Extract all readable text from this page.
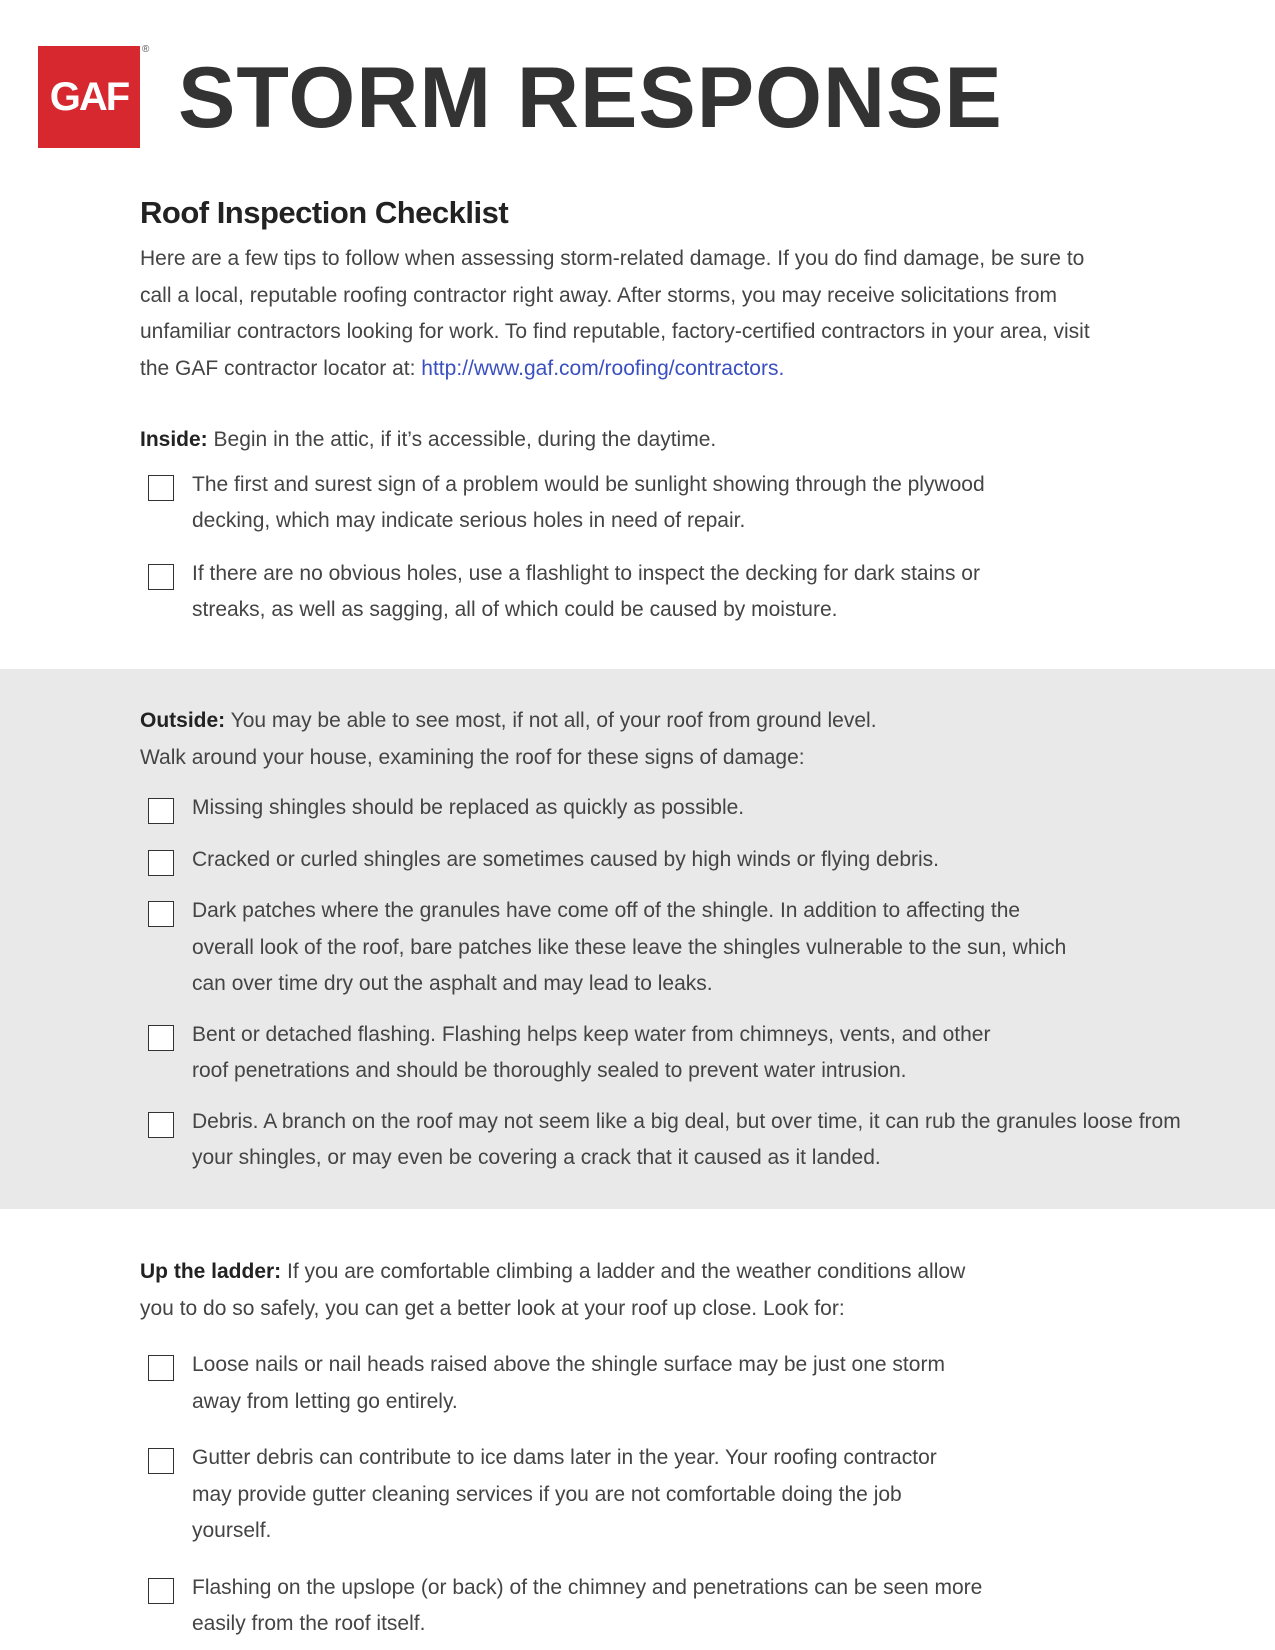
GAF
®
STORM RESPONSE
Roof Inspection Checklist

Here are a few tips to follow when assessing storm-related damage. If you do find damage, be sure to call a local, reputable roofing contractor right away. After storms, you may receive solicitations from unfamiliar contractors looking for work. To find reputable, factory-certified contractors in your area, visit the GAF contractor locator at: http://www.gaf.com/roofing/contractors.

Inside: Begin in the attic, if it’s accessible, during the daytime.

The first and surest sign of a problem would be sunlight showing through the plywood decking, which may indicate serious holes in need of repair.
If there are no obvious holes, use a flashlight to inspect the decking for dark stains or streaks, as well as sagging, all of which could be caused by moisture.

Outside: You may be able to see most, if not all, of your roof from ground level. Walk around your house, examining the roof for these signs of damage:

Missing shingles should be replaced as quickly as possible.
Cracked or curled shingles are sometimes caused by high winds or flying debris.
Dark patches where the granules have come off of the shingle. In addition to affecting the overall look of the roof, bare patches like these leave the shingles vulnerable to the sun, which can over time dry out the asphalt and may lead to leaks.
Bent or detached flashing. Flashing helps keep water from chimneys, vents, and other roof penetrations and should be thoroughly sealed to prevent water intrusion.
Debris. A branch on the roof may not seem like a big deal, but over time, it can rub the granules loose from your shingles, or may even be covering a crack that it caused as it landed.

Up the ladder: If you are comfortable climbing a ladder and the weather conditions allow you to do so safely, you can get a better look at your roof up close. Look for:

Loose nails or nail heads raised above the shingle surface may be just one storm away from letting go entirely.
Gutter debris can contribute to ice dams later in the year. Your roofing contractor may provide gutter cleaning services if you are not comfortable doing the job yourself.
Flashing on the upslope (or back) of the chimney and penetrations can be seen more easily from the roof itself.
